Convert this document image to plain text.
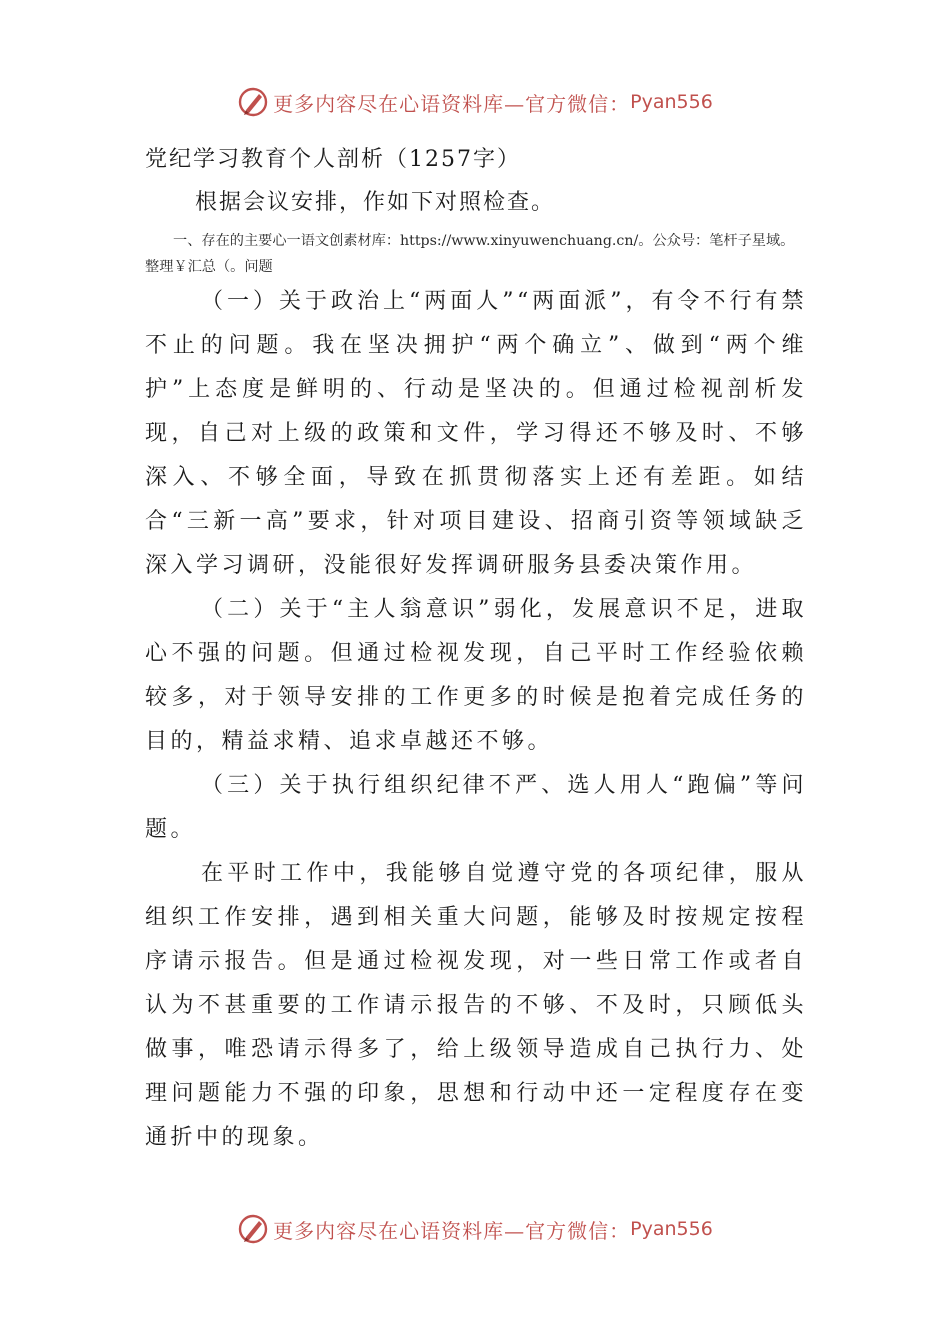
更多内容尽在心语资料库—官方微信： Pyan556

党纪学习教育个人剖析（1257字）

根据会议安排，作如下对照检查。

一、存在的主要心一语文创素材库：https://www.xinyuwenchuang.cn/。公众号：笔杆子星域。整理￥汇总（。问题

（一）关于政治上“两面人”“两面派”，有令不行有禁不止的问题。我在坚决拥护“两个确立”、做到“两个维护”上态度是鲜明的、行动是坚决的。但通过检视剖析发现，自己对上级的政策和文件，学习得还不够及时、不够深入、不够全面，导致在抓贯彻落实上还有差距。如结合“三新一高”要求，针对项目建设、招商引资等领域缺乏深入学习调研，没能很好发挥调研服务县委决策作用。

（二）关于“主人翁意识”弱化，发展意识不足，进取心不强的问题。但通过检视发现，自己平时工作经验依赖较多，对于领导安排的工作更多的时候是抱着完成任务的目的，精益求精、追求卓越还不够。

（三）关于执行组织纪律不严、选人用人“跑偏”等问题。

在平时工作中，我能够自觉遵守党的各项纪律，服从组织工作安排，遇到相关重大问题，能够及时按规定按程序请示报告。但是通过检视发现，对一些日常工作或者自认为不甚重要的工作请示报告的不够、不及时，只顾低头做事，唯恐请示得多了，给上级领导造成自己执行力、处理问题能力不强的印象，思想和行动中还一定程度存在变通折中的现象。

更多内容尽在心语资料库—官方微信： Pyan556
